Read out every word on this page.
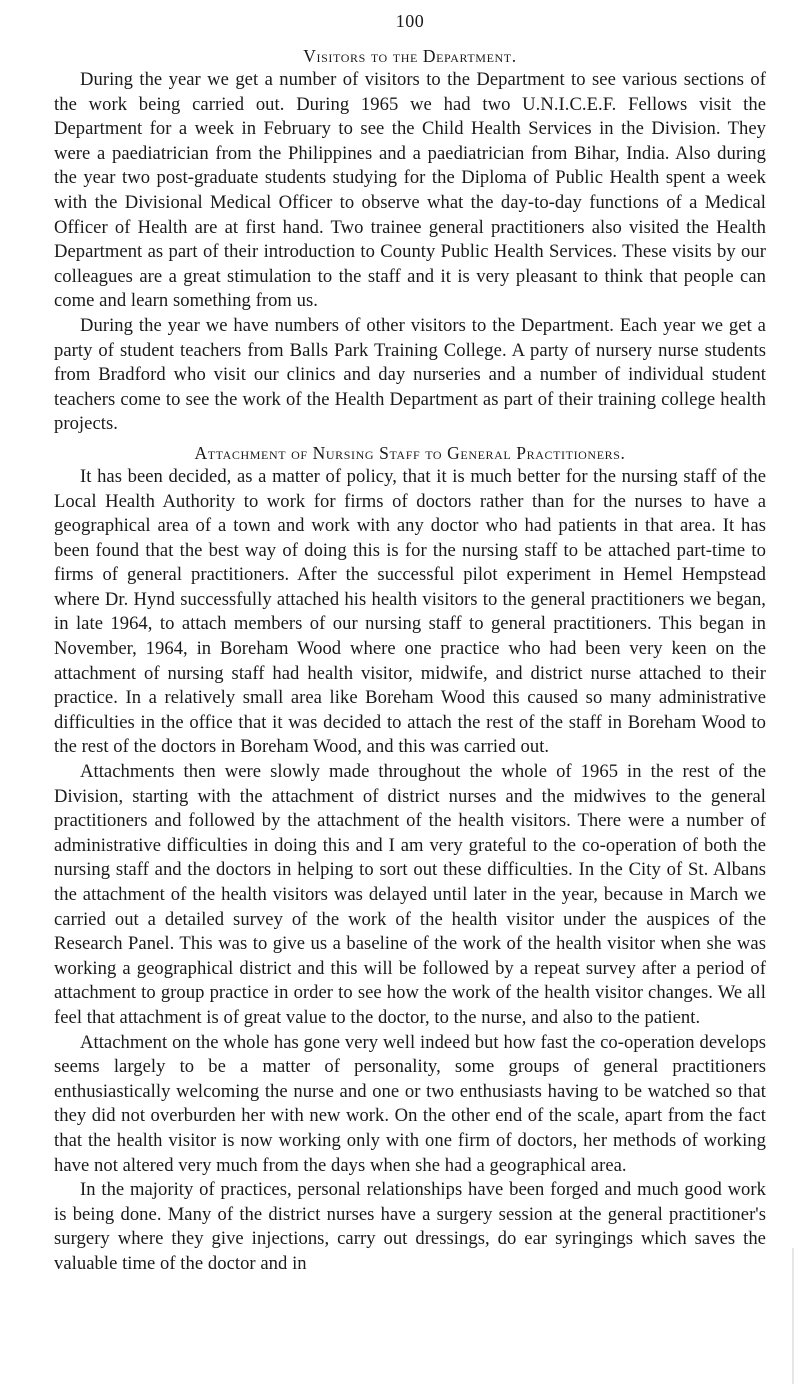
100
Visitors to the Department.

During the year we get a number of visitors to the Department to see various sections of the work being carried out. During 1965 we had two U.N.I.C.E.F. Fellows visit the Department for a week in February to see the Child Health Services in the Division. They were a paediatrician from the Philippines and a paediatrician from Bihar, India. Also during the year two post-graduate students studying for the Diploma of Public Health spent a week with the Divisional Medical Officer to observe what the day-to-day functions of a Medical Officer of Health are at first hand. Two trainee general practitioners also visited the Health Department as part of their introduction to County Public Health Services. These visits by our colleagues are a great stimulation to the staff and it is very pleasant to think that people can come and learn something from us.

During the year we have numbers of other visitors to the Department. Each year we get a party of student teachers from Balls Park Training College. A party of nursery nurse students from Bradford who visit our clinics and day nurseries and a number of individual student teachers come to see the work of the Health Department as part of their training college health projects.

Attachment of Nursing Staff to General Practitioners.

It has been decided, as a matter of policy, that it is much better for the nursing staff of the Local Health Authority to work for firms of doctors rather than for the nurses to have a geographical area of a town and work with any doctor who had patients in that area. It has been found that the best way of doing this is for the nursing staff to be attached part-time to firms of general practitioners. After the successful pilot experiment in Hemel Hempstead where Dr. Hynd successfully attached his health visitors to the general practitioners we began, in late 1964, to attach members of our nursing staff to general practitioners. This began in November, 1964, in Boreham Wood where one practice who had been very keen on the attachment of nursing staff had health visitor, midwife, and district nurse attached to their practice. In a relatively small area like Boreham Wood this caused so many administrative difficulties in the office that it was decided to attach the rest of the staff in Boreham Wood to the rest of the doctors in Boreham Wood, and this was carried out.

Attachments then were slowly made throughout the whole of 1965 in the rest of the Division, starting with the attachment of district nurses and the midwives to the general practitioners and followed by the attachment of the health visitors. There were a number of administrative difficulties in doing this and I am very grateful to the co-operation of both the nursing staff and the doctors in helping to sort out these difficulties. In the City of St. Albans the attachment of the health visitors was delayed until later in the year, because in March we carried out a detailed survey of the work of the health visitor under the auspices of the Research Panel. This was to give us a baseline of the work of the health visitor when she was working a geographical district and this will be followed by a repeat survey after a period of attachment to group practice in order to see how the work of the health visitor changes. We all feel that attachment is of great value to the doctor, to the nurse, and also to the patient.

Attachment on the whole has gone very well indeed but how fast the co-operation develops seems largely to be a matter of personality, some groups of general practitioners enthusiastically welcoming the nurse and one or two enthusiasts having to be watched so that they did not overburden her with new work. On the other end of the scale, apart from the fact that the health visitor is now working only with one firm of doctors, her methods of working have not altered very much from the days when she had a geographical area.

In the majority of practices, personal relationships have been forged and much good work is being done. Many of the district nurses have a surgery session at the general practitioner's surgery where they give injections, carry out dressings, do ear syringings which saves the valuable time of the doctor and in
